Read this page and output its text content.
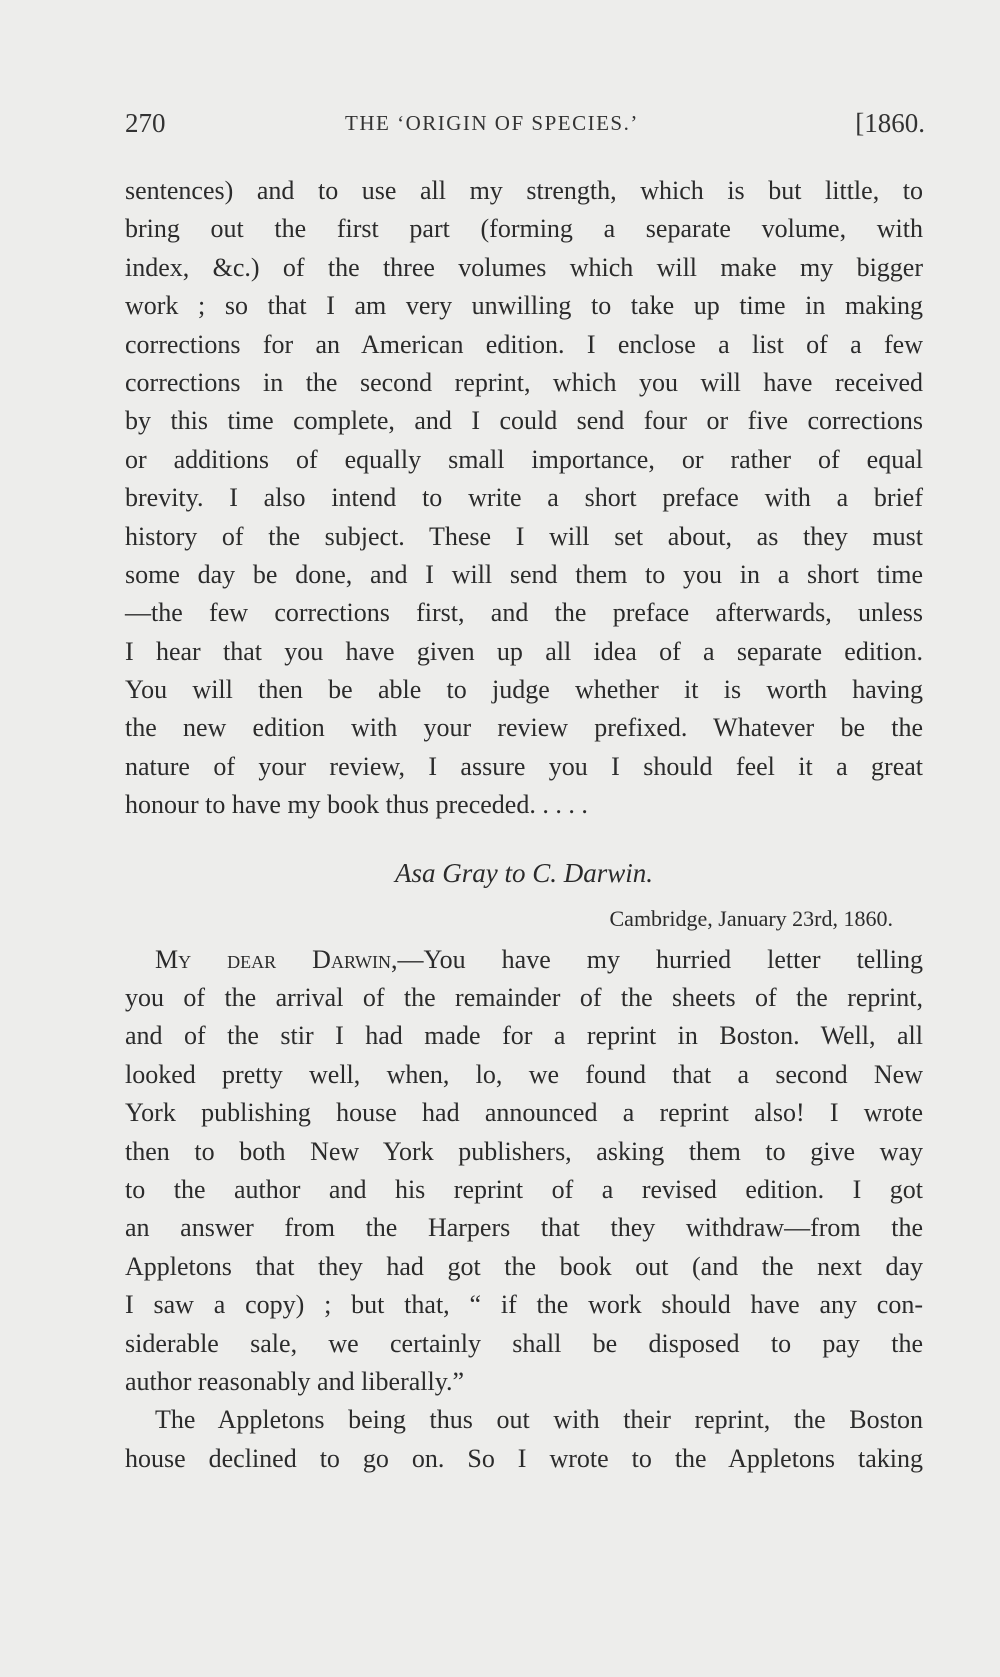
270	THE ‘ORIGIN OF SPECIES.’	[1860.
sentences) and to use all my strength, which is but little, to
bring out the first part (forming a separate volume, with
index, &c.) of the three volumes which will make my bigger
work ; so that I am very unwilling to take up time in making
corrections for an American edition. I enclose a list of a few
corrections in the second reprint, which you will have received
by this time complete, and I could send four or five corrections
or additions of equally small importance, or rather of equal
brevity. I also intend to write a short preface with a brief
history of the subject. These I will set about, as they must
some day be done, and I will send them to you in a short time
—the few corrections first, and the preface afterwards, unless
I hear that you have given up all idea of a separate edition.
You will then be able to judge whether it is worth having
the new edition with your review prefixed. Whatever be the
nature of your review, I assure you I should feel it a great
honour to have my book thus preceded. . . . .
Asa Gray to C. Darwin.
Cambridge, January 23rd, 1860.
My dear Darwin,—You have my hurried letter telling
you of the arrival of the remainder of the sheets of the reprint,
and of the stir I had made for a reprint in Boston. Well, all
looked pretty well, when, lo, we found that a second New
York publishing house had announced a reprint also! I wrote
then to both New York publishers, asking them to give way
to the author and his reprint of a revised edition. I got
an answer from the Harpers that they withdraw—from the
Appletons that they had got the book out (and the next day
I saw a copy) ; but that, “ if the work should have any con-
siderable sale, we certainly shall be disposed to pay the
author reasonably and liberally.”
The Appletons being thus out with their reprint, the Boston
house declined to go on. So I wrote to the Appletons taking
